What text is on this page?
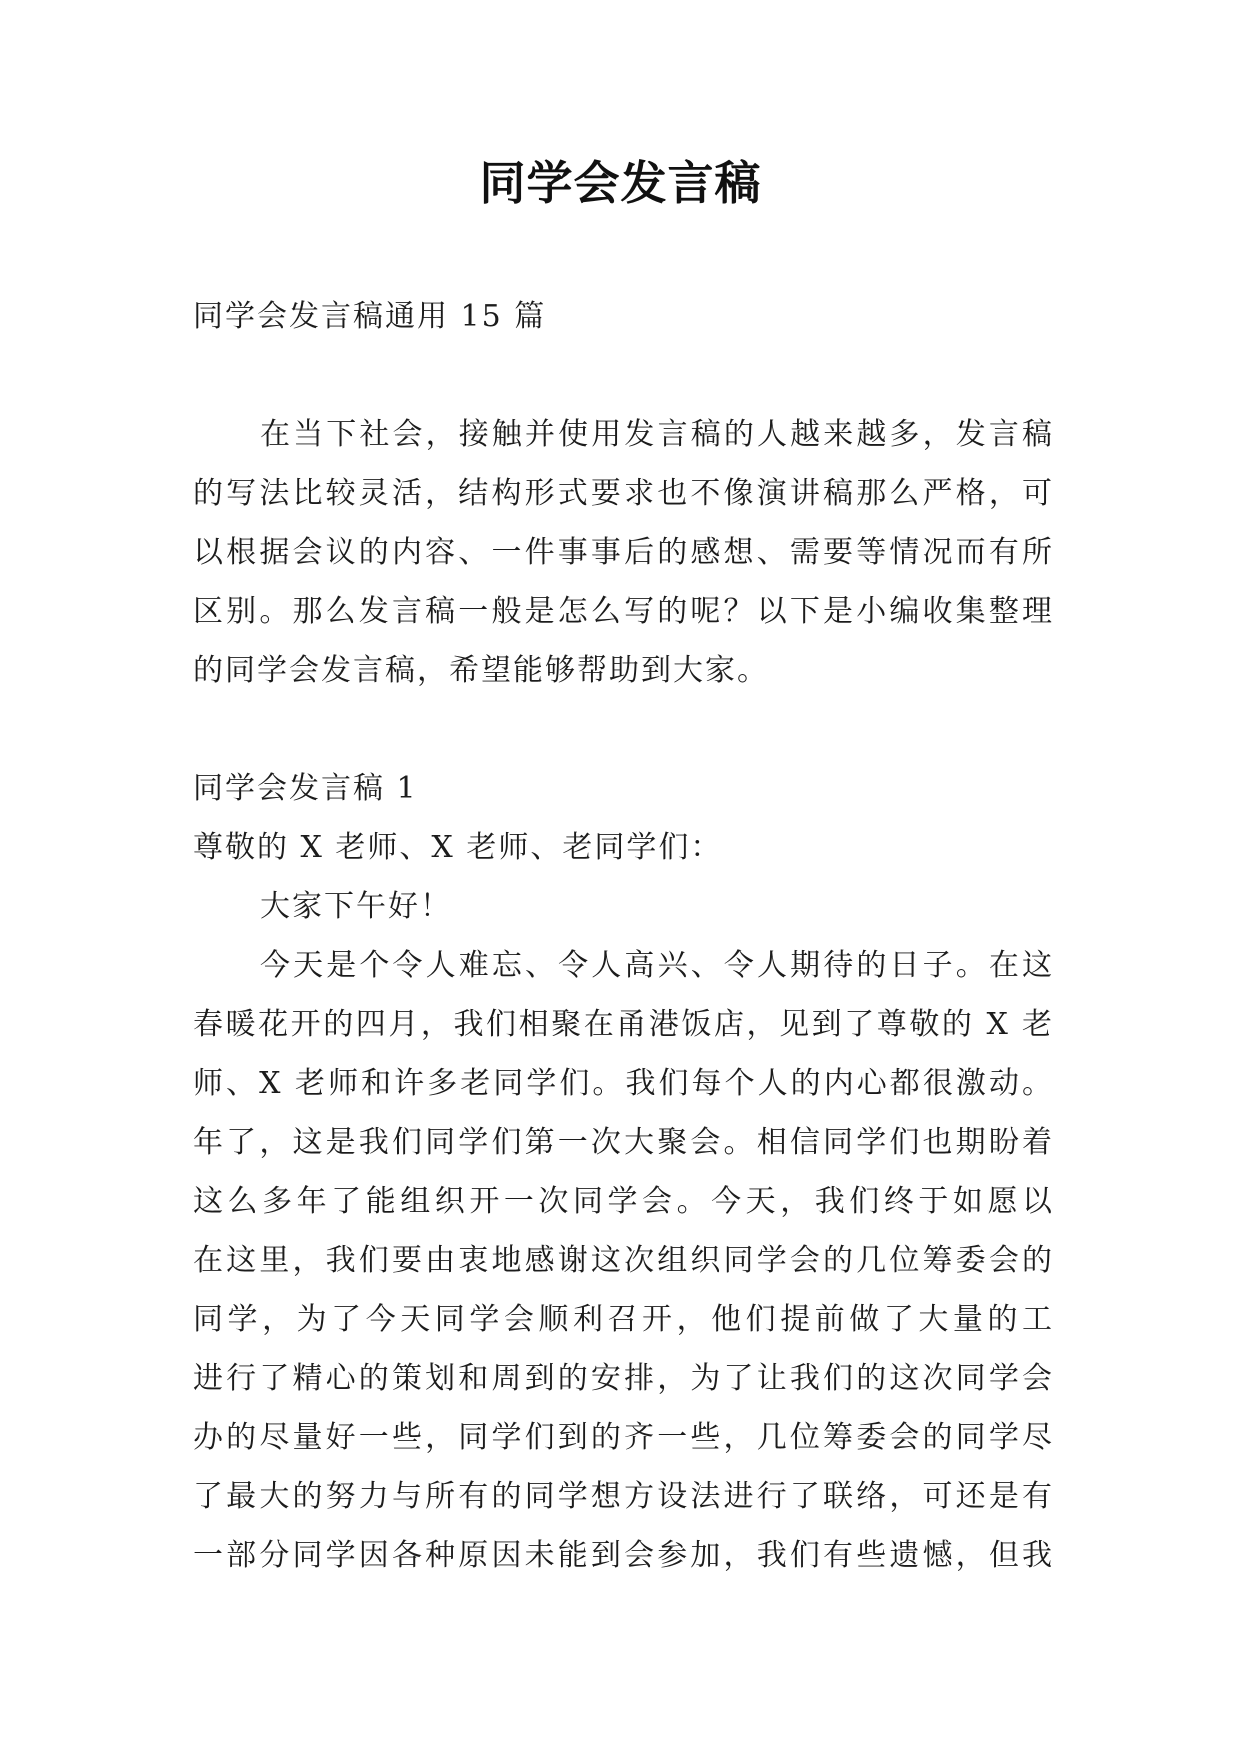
同学会发言稿
同学会发言稿通用 15 篇
在当下社会，接触并使用发言稿的人越来越多，发言稿
的写法比较灵活，结构形式要求也不像演讲稿那么严格，可
以根据会议的内容、一件事事后的感想、需要等情况而有所
区别。那么发言稿一般是怎么写的呢？以下是小编收集整理
的同学会发言稿，希望能够帮助到大家。
同学会发言稿 1
尊敬的 X 老师、X 老师、老同学们：
大家下午好！
今天是个令人难忘、令人高兴、令人期待的日子。在这
春暖花开的四月，我们相聚在甬港饭店，见到了尊敬的 X 老
师、X 老师和许多老同学们。我们每个人的内心都很激动。
年了，这是我们同学们第一次大聚会。相信同学们也期盼着
这么多年了能组织开一次同学会。今天，我们终于如愿以
在这里，我们要由衷地感谢这次组织同学会的几位筹委会的
同学，为了今天同学会顺利召开，他们提前做了大量的工
进行了精心的策划和周到的安排，为了让我们的这次同学会
办的尽量好一些，同学们到的齐一些，几位筹委会的同学尽
了最大的努力与所有的同学想方设法进行了联络，可还是有
一部分同学因各种原因未能到会参加，我们有些遗憾，但我
